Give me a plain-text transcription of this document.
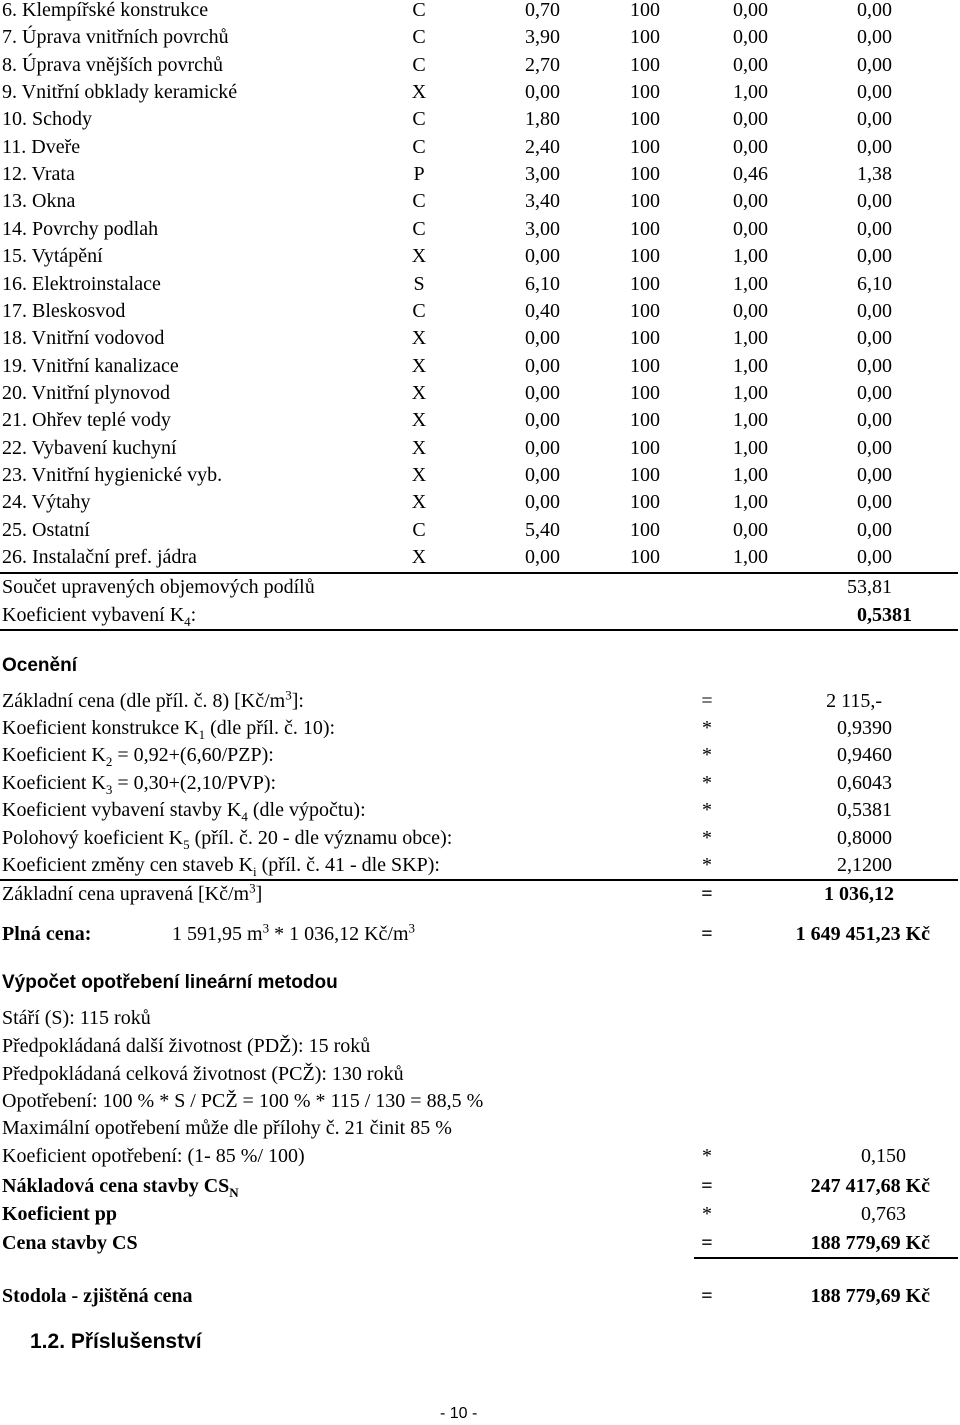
6. Klempířské konstrukce	C	0,70	100	0,00	0,00
7. Úprava vnitřních povrchů	C	3,90	100	0,00	0,00
8. Úprava vnějších povrchů	C	2,70	100	0,00	0,00
9. Vnitřní obklady keramické	X	0,00	100	1,00	0,00
10. Schody	C	1,80	100	0,00	0,00
11. Dveře	C	2,40	100	0,00	0,00
12. Vrata	P	3,00	100	0,46	1,38
13. Okna	C	3,40	100	0,00	0,00
14. Povrchy podlah	C	3,00	100	0,00	0,00
15. Vytápění	X	0,00	100	1,00	0,00
16. Elektroinstalace	S	6,10	100	1,00	6,10
17. Bleskosvod	C	0,40	100	0,00	0,00
18. Vnitřní vodovod	X	0,00	100	1,00	0,00
19. Vnitřní kanalizace	X	0,00	100	1,00	0,00
20. Vnitřní plynovod	X	0,00	100	1,00	0,00
21. Ohřev teplé vody	X	0,00	100	1,00	0,00
22. Vybavení kuchyní	X	0,00	100	1,00	0,00
23. Vnitřní hygienické vyb.	X	0,00	100	1,00	0,00
24. Výtahy	X	0,00	100	1,00	0,00
25. Ostatní	C	5,40	100	0,00	0,00
26. Instalační pref. jádra	X	0,00	100	1,00	0,00
Součet upravených objemových podílů	53,81
Koeficient vybavení $K_4$:	0,5381
Ocenění
Základní cena (dle příl. č. 8) $[Kč/m^3]$:	=	2 115,-
Koeficient konstrukce $K_1$ (dle příl. č. 10):	*	0,9390
Koeficient $K_2 = 0,92+(6,60/PZP)$:	*	0,9460
Koeficient $K_3 = 0,30+(2,10/PVP)$:	*	0,6043
Koeficient vybavení stavby $K_4$ (dle výpočtu):	*	0,5381
Polohový koeficient $K_5$ (příl. č. 20 - dle významu obce):	*	0,8000
Koeficient změny cen staveb $K_i$ (příl. č. 41 - dle SKP):	*	2,1200
Základní cena upravená $[Kč/m^3]$	=	1 036,12
Plná cena:	1 591,95 $m^3 * 1$ 036,12 $Kč/m^3$	=	1 649 451,23 Kč
Výpočet opotřebení lineární metodou
Stáří (S): 115 roků
Předpokládaná další životnost (PDŽ): 15 roků
Předpokládaná celková životnost (PCŽ): 130 roků
Opotřebení: 100 % * S / PCŽ = 100 % * 115 / 130 = 88,5 %
Maximální opotřebení může dle přílohy č. 21 činit 85 %
Koeficient opotřebení: (1- 85 %/ 100)	*	0,150
Nákladová cena stavby $CS_N$	=	247 417,68 Kč
Koeficient pp	*	0,763
Cena stavby CS	=	188 779,69 Kč
Stodola - zjištěná cena	=	188 779,69 Kč
1.2. Příslušenství
- 10 -
